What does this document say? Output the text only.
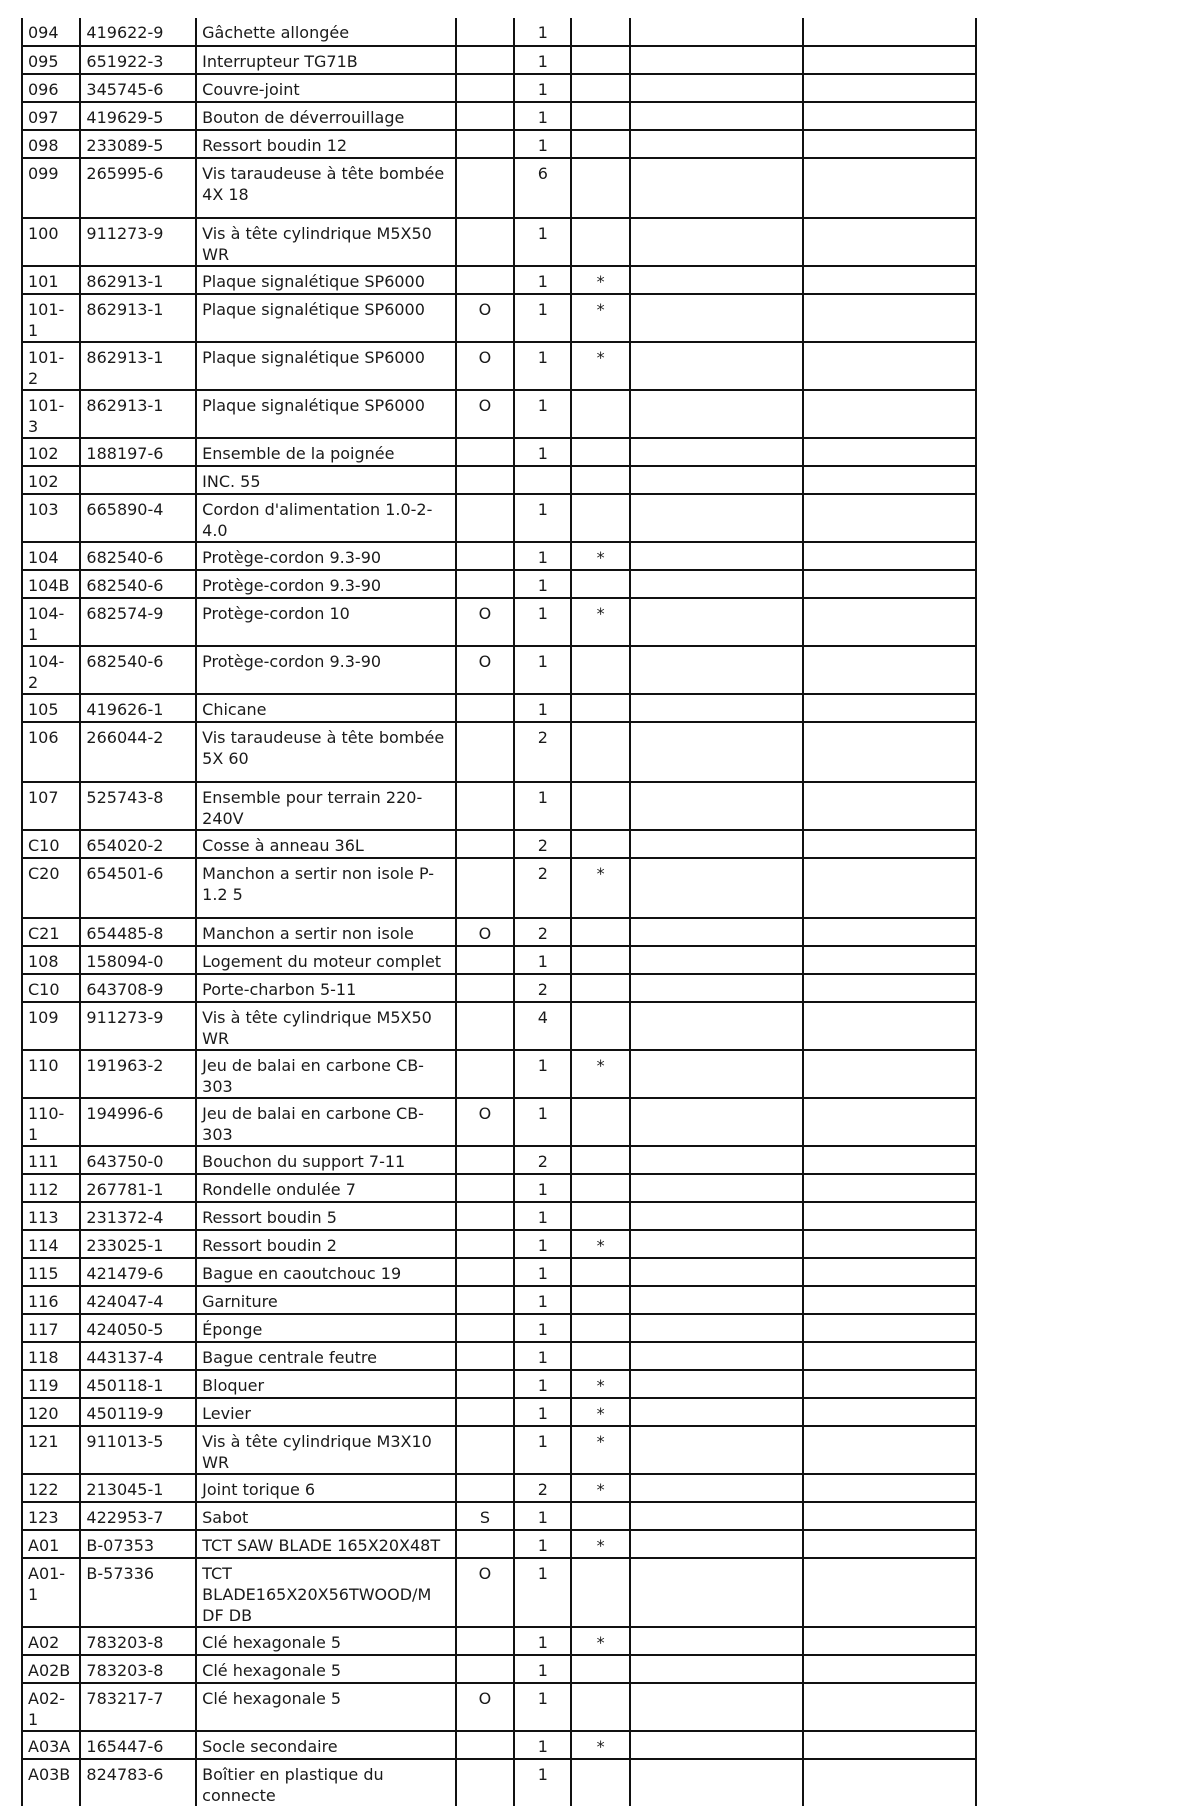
094	419622-9	Gâchette allongée		1			
095	651922-3	Interrupteur TG71B		1			
096	345745-6	Couvre-joint		1			
097	419629-5	Bouton de déverrouillage		1			
098	233089-5	Ressort boudin 12		1			
099	265995-6	Vis taraudeuse à tête bombée 4X 18		6			
100	911273-9	Vis à tête cylindrique M5X50 WR		1			
101	862913-1	Plaque signalétique SP6000		1	*		
101-1	862913-1	Plaque signalétique SP6000	O	1	*		
101-2	862913-1	Plaque signalétique SP6000	O	1	*		
101-3	862913-1	Plaque signalétique SP6000	O	1			
102	188197-6	Ensemble de la poignée		1			
102		INC. 55					
103	665890-4	Cordon d'alimentation 1.0-2-4.0		1			
104	682540-6	Protège-cordon 9.3-90		1	*		
104B	682540-6	Protège-cordon 9.3-90		1			
104-1	682574-9	Protège-cordon 10	O	1	*		
104-2	682540-6	Protège-cordon 9.3-90	O	1			
105	419626-1	Chicane		1			
106	266044-2	Vis taraudeuse à tête bombée 5X 60		2			
107	525743-8	Ensemble pour terrain 220-240V		1			
C10	654020-2	Cosse à anneau 36L		2			
C20	654501-6	Manchon a sertir non isole P-1.2 5		2	*		
C21	654485-8	Manchon a sertir non isole	O	2			
108	158094-0	Logement du moteur complet		1			
C10	643708-9	Porte-charbon 5-11		2			
109	911273-9	Vis à tête cylindrique M5X50 WR		4			
110	191963-2	Jeu de balai en carbone CB-303		1	*		
110-1	194996-6	Jeu de balai en carbone CB-303	O	1			
111	643750-0	Bouchon du support 7-11		2			
112	267781-1	Rondelle ondulée 7		1			
113	231372-4	Ressort boudin 5		1			
114	233025-1	Ressort boudin 2		1	*		
115	421479-6	Bague en caoutchouc 19		1			
116	424047-4	Garniture		1			
117	424050-5	Éponge		1			
118	443137-4	Bague centrale feutre		1			
119	450118-1	Bloquer		1	*		
120	450119-9	Levier		1	*		
121	911013-5	Vis à tête cylindrique M3X10 WR		1	*		
122	213045-1	Joint torique 6		2	*		
123	422953-7	Sabot	S	1			
A01	B-07353	TCT SAW BLADE 165X20X48T		1	*		
A01-1	B-57336	TCT BLADE165X20X56TWOOD/M DF DB	O	1			
A02	783203-8	Clé hexagonale 5		1	*		
A02B	783203-8	Clé hexagonale 5		1			
A02-1	783217-7	Clé hexagonale 5	O	1			
A03A	165447-6	Socle secondaire		1	*		
A03B	824783-6	Boîtier en plastique du connecte		1			
